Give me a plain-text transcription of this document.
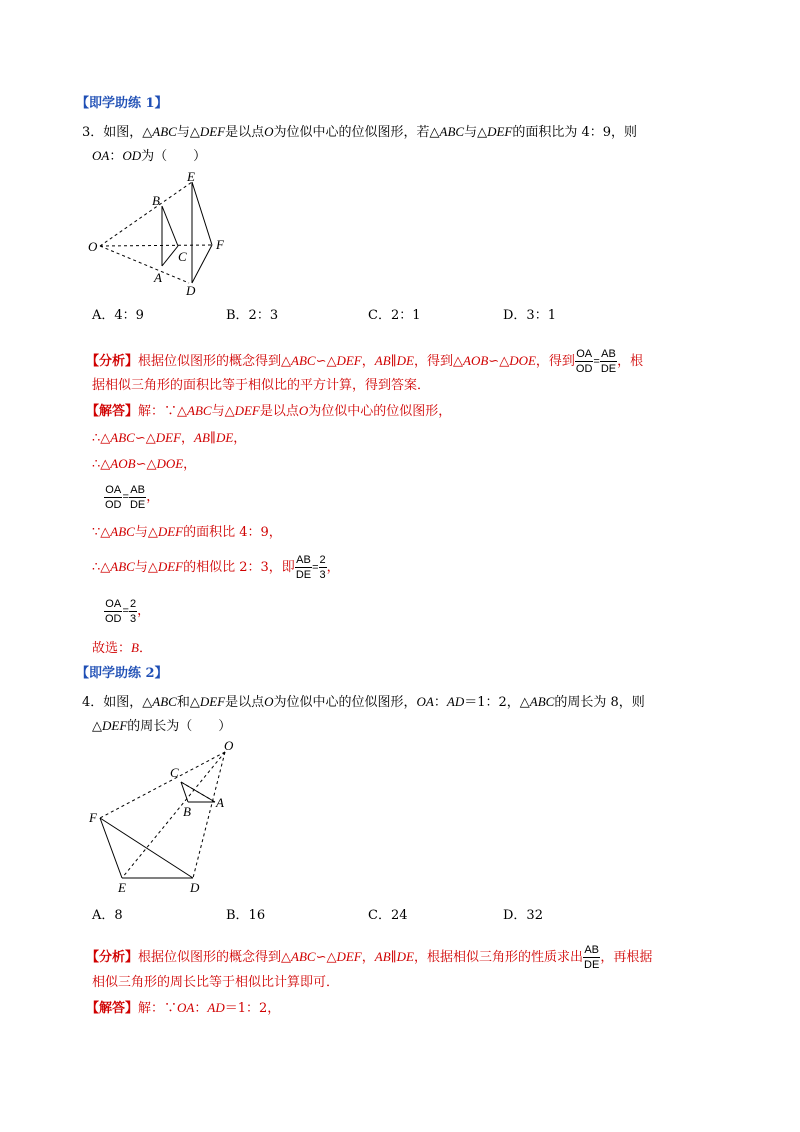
【即学助练 1】
3．如图，△ABC与△DEF是以点O为位似中心的位似图形，若△ABC与△DEF的面积比为 4：9，则
OA：OD为（　　）
O
B
C
A
E
F
D
A．4：9	B．2：3	C．2：1	D．3：1
【分析】根据位似图形的概念得到△ABC∽△DEF，AB∥DE，得到△AOB∽△DOE，得到 $\frac{OA}{OD} = \frac{AB}{DE}$ ，根
据相似三角形的面积比等于相似比的平方计算，得到答案．
【解答】解：∵△ABC与△DEF是以点O为位似中心的位似图形，
∴△ABC∽△DEF，AB∥DE，
∴△AOB∽△DOE，
$\frac{OA}{OD} = \frac{AB}{DE}$ ，
∵△ABC与△DEF的面积比 4：9，
∴△ABC与△DEF的相似比 2：3，即 $\frac{AB}{DE} = \frac{2}{3}$ ，
$\frac{OA}{OD} = \frac{2}{3}$ ，
故选：B．
【即学助练 2】
4．如图，△ABC和△DEF是以点O为位似中心的位似图形，OA：AD＝1：2，△ABC的周长为 8，则
△DEF的周长为（　　）
O
C
B
A
F
E	D
A．8	B．16	C．24	D．32
【分析】根据位似图形的概念得到△ABC∽△DEF，AB∥DE，根据相似三角形的性质求出 $\frac{AB}{DE}$ ，再根据
相似三角形的周长比等于相似比计算即可．
【解答】解：∵OA：AD＝1：2，
